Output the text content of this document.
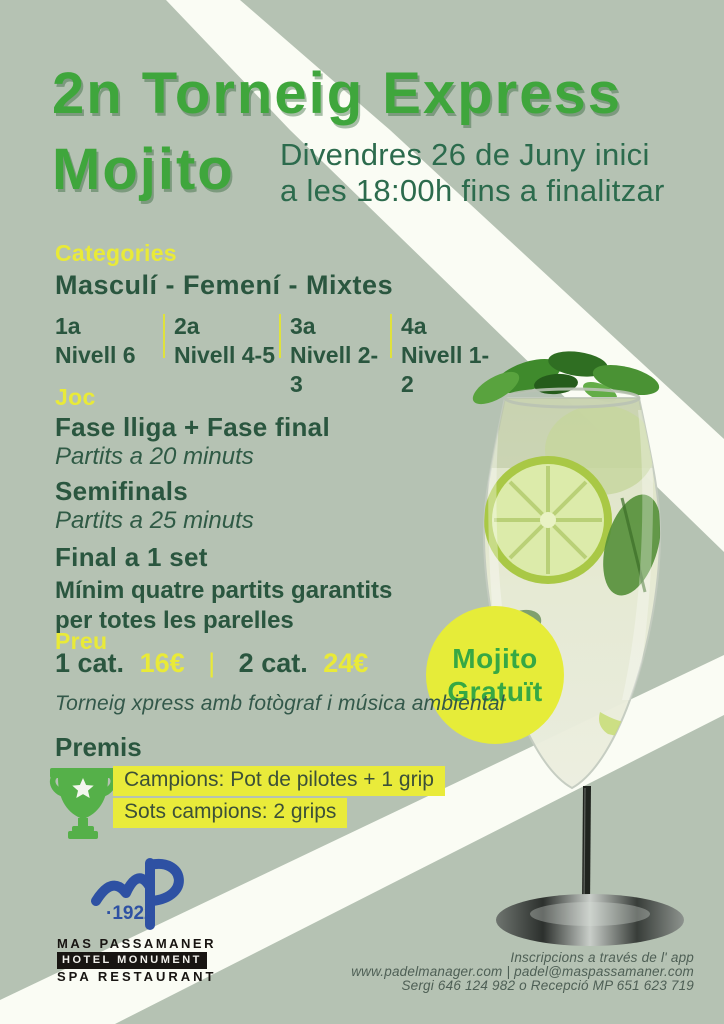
Mojito
Gratuït
2n Torneig Express
Mojito Divendres 26 de Juny inici
a les 18:00h fins a finalitzar
Categories
Masculí - Femení - Mixtes
1a
Nivell 6
2a
Nivell 4-5
3a
Nivell 2-3
4a
Nivell 1-2
Joc
Fase lliga + Fase final
Partits a 20 minuts
Semifinals
Partits a 25 minuts
Final a 1 set
Mínim quatre partits garantits
per totes les parelles
Preu
1 cat. 16€ | 2 cat. 24€
Torneig xpress amb fotògraf i música ambiental
Premis
Campions: Pot de pilotes + 1 grip
Sots campions: 2 grips
·1922
MAS PASSAMANER
HOTEL MONUMENT
SPA RESTAURANT
Inscripcions a través de l' app
www.padelmanager.com | padel@maspassamaner.com
Sergi 646 124 982 o Recepció MP 651 623 719
